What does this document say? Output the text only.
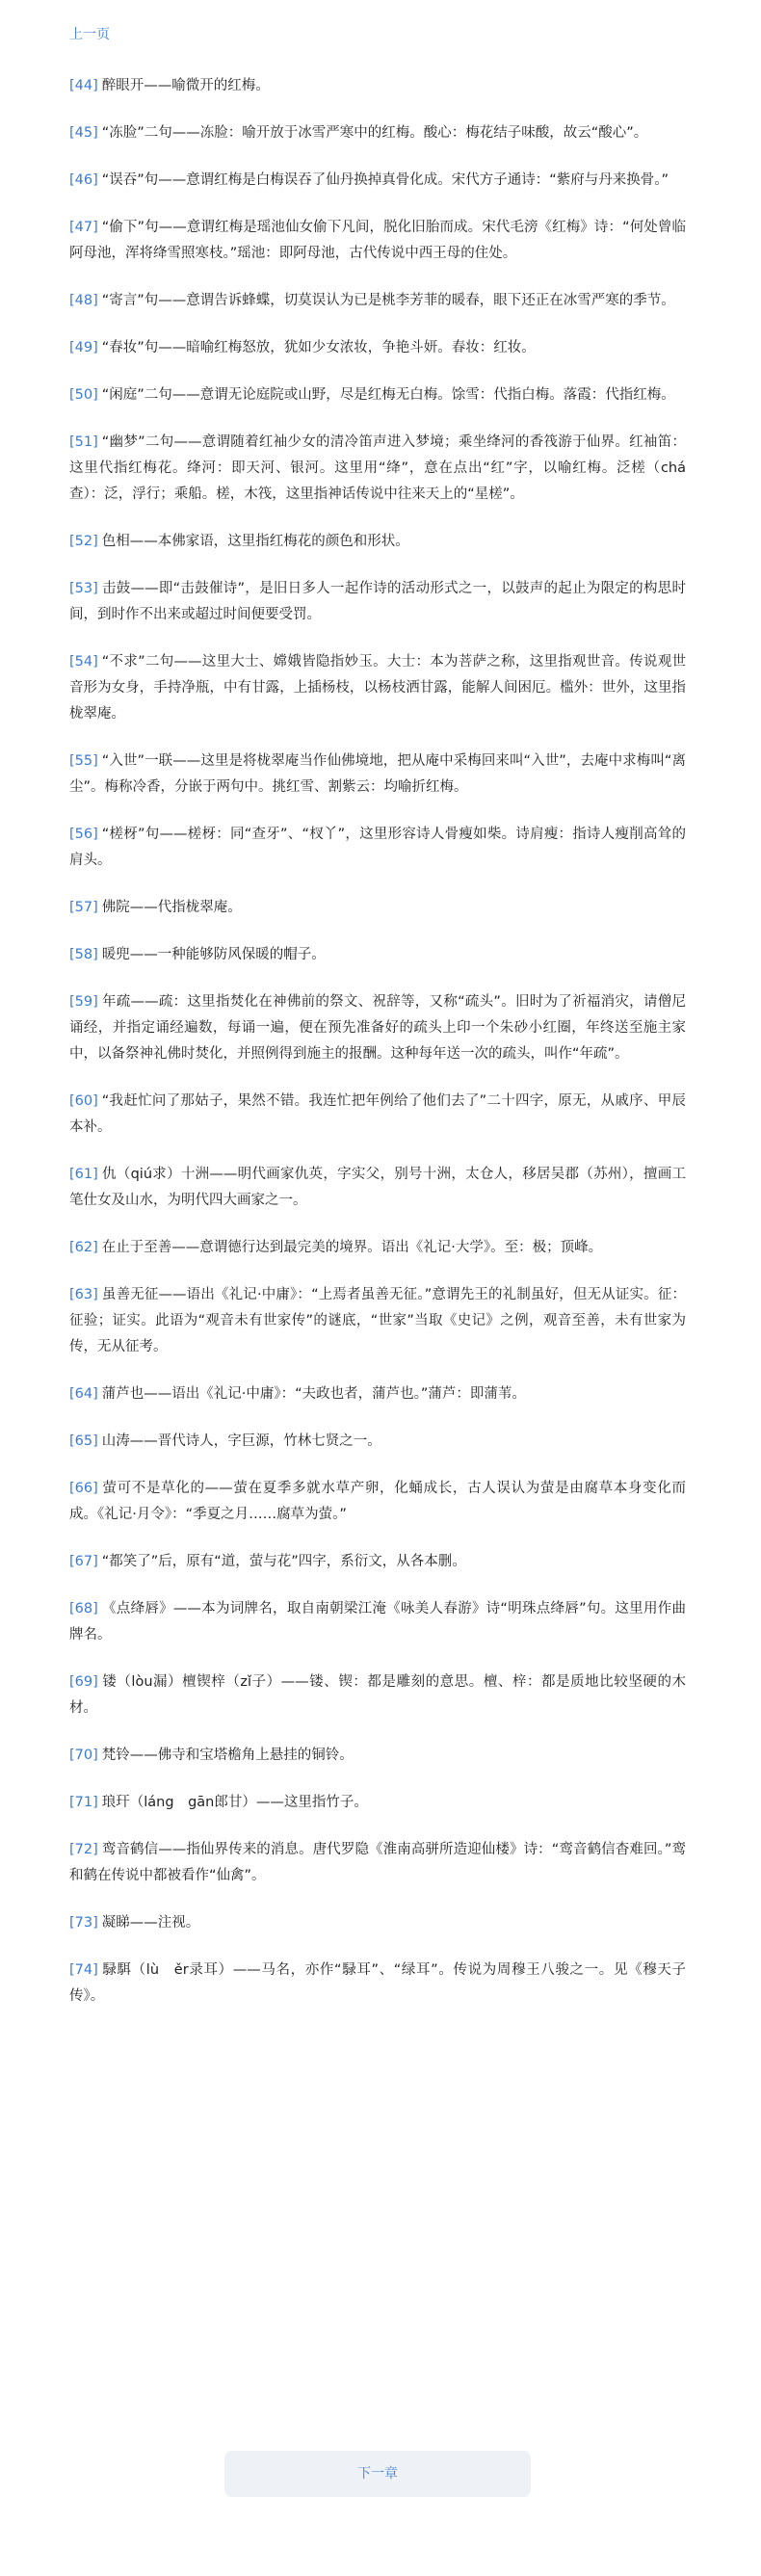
上一页

[44] 醉眼开——喻微开的红梅。

[45] “冻脸”二句——冻脸：喻开放于冰雪严寒中的红梅。酸心：梅花结子味酸，故云“酸心”。

[46] “误吞”句——意谓红梅是白梅误吞了仙丹换掉真骨化成。宋代方子通诗：“紫府与丹来换骨。”

[47] “偷下”句——意谓红梅是瑶池仙女偷下凡间，脱化旧胎而成。宋代毛滂《红梅》诗：“何处曾临阿母池，浑将绛雪照寒枝。”瑶池：即阿母池，古代传说中西王母的住处。

[48] “寄言”句——意谓告诉蜂蝶，切莫误认为已是桃李芳菲的暖春，眼下还正在冰雪严寒的季节。

[49] “春妆”句——暗喻红梅怒放，犹如少女浓妆，争艳斗妍。春妆：红妆。

[50] “闲庭”二句——意谓无论庭院或山野，尽是红梅无白梅。馀雪：代指白梅。落霞：代指红梅。

[51] “幽梦”二句——意谓随着红袖少女的清冷笛声进入梦境；乘坐绛河的香筏游于仙界。红袖笛：这里代指红梅花。绛河：即天河、银河。这里用“绛”，意在点出“红”字，以喻红梅。泛槎（chá查）：泛，浮行；乘船。槎，木筏，这里指神话传说中往来天上的“星槎”。

[52] 色相——本佛家语，这里指红梅花的颜色和形状。

[53] 击鼓——即“击鼓催诗”，是旧日多人一起作诗的活动形式之一，以鼓声的起止为限定的构思时间，到时作不出来或超过时间便要受罚。

[54] “不求”二句——这里大士、嫦娥皆隐指妙玉。大士：本为菩萨之称，这里指观世音。传说观世音形为女身，手持净瓶，中有甘露，上插杨枝，以杨枝洒甘露，能解人间困厄。槛外：世外，这里指栊翠庵。

[55] “入世”一联——这里是将栊翠庵当作仙佛境地，把从庵中采梅回来叫“入世”，去庵中求梅叫“离尘”。梅称冷香，分嵌于两句中。挑红雪、割紫云：均喻折红梅。

[56] “槎枒”句——槎枒：同“查牙”、“杈丫”，这里形容诗人骨瘦如柴。诗肩瘦：指诗人瘦削高耸的肩头。

[57] 佛院——代指栊翠庵。

[58] 暖兜——一种能够防风保暖的帽子。

[59] 年疏——疏：这里指焚化在神佛前的祭文、祝辞等，又称“疏头”。旧时为了祈福消灾，请僧尼诵经，并指定诵经遍数，每诵一遍，便在预先准备好的疏头上印一个朱砂小红圈，年终送至施主家中，以备祭神礼佛时焚化，并照例得到施主的报酬。这种每年送一次的疏头，叫作“年疏”。

[60] “我赶忙问了那姑子，果然不错。我连忙把年例给了他们去了”二十四字，原无，从戚序、甲辰本补。

[61] 仇（qiú求）十洲——明代画家仇英，字实父，别号十洲，太仓人，移居吴郡（苏州），擅画工笔仕女及山水，为明代四大画家之一。

[62] 在止于至善——意谓德行达到最完美的境界。语出《礼记·大学》。至：极；顶峰。

[63] 虽善无征——语出《礼记·中庸》：“上焉者虽善无征。”意谓先王的礼制虽好，但无从证实。征：征验；证实。此语为“观音未有世家传”的谜底，“世家”当取《史记》之例，观音至善，未有世家为传，无从征考。

[64] 蒲芦也——语出《礼记·中庸》：“夫政也者，蒲芦也。”蒲芦：即蒲苇。

[65] 山涛——晋代诗人，字巨源，竹林七贤之一。

[66] 萤可不是草化的——萤在夏季多就水草产卵，化蛹成长，古人误认为萤是由腐草本身变化而成。《礼记·月令》：“季夏之月……腐草为萤。”

[67] “都笑了”后，原有“道，萤与花”四字，系衍文，从各本删。

[68] 《点绛唇》——本为词牌名，取自南朝梁江淹《咏美人春游》诗“明珠点绛唇”句。这里用作曲牌名。

[69] 镂（lòu漏）檀锲梓（zǐ子）——镂、锲：都是雕刻的意思。檀、梓：都是质地比较坚硬的木材。

[70] 梵铃——佛寺和宝塔檐角上悬挂的铜铃。

[71] 琅玕（láng　gān郎甘）——这里指竹子。

[72] 鸾音鹤信——指仙界传来的消息。唐代罗隐《淮南高骈所造迎仙楼》诗：“鸾音鹤信杳难回。”鸾和鹤在传说中都被看作“仙禽”。

[73] 凝睇——注视。

[74] 騄駬（lù　ěr录耳）——马名，亦作“騄耳”、“绿耳”。传说为周穆王八骏之一。见《穆天子传》。

下一章
